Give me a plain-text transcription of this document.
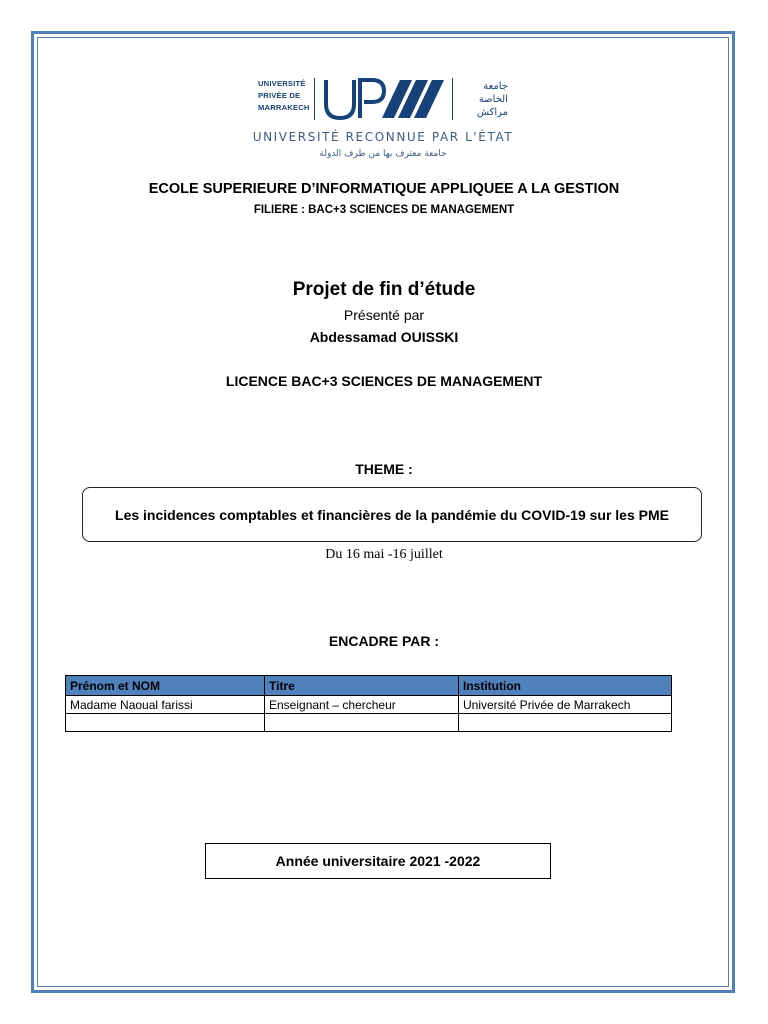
UNIVERSITÉ
PRIVÉE DE
MARRAKECH
ﺟﺎﻣﻌﺔ
ﺍﻟﺨﺎﺻﺔ
ﻣﺮﺍﻛﺶ
UNIVERSITÉ RECONNUE PAR L'ÉTAT
جامعة معترف بها من طرف الدولة
ECOLE SUPERIEURE D’INFORMATIQUE APPLIQUEE A LA GESTION
FILIERE : BAC+3 SCIENCES DE MANAGEMENT
Projet de fin d’étude
Présenté par
Abdessamad OUISSKI
LICENCE BAC+3 SCIENCES DE MANAGEMENT
THEME :
Les incidences comptables et financières de la pandémie du COVID-19 sur les PME
Du 16 mai -16 juillet
ENCADRE PAR :
Prénom et NOM	Titre	Institution
Madame Naoual farissi	Enseignant – chercheur	Université Privée de Marrakech

Année universitaire 2021 -2022
